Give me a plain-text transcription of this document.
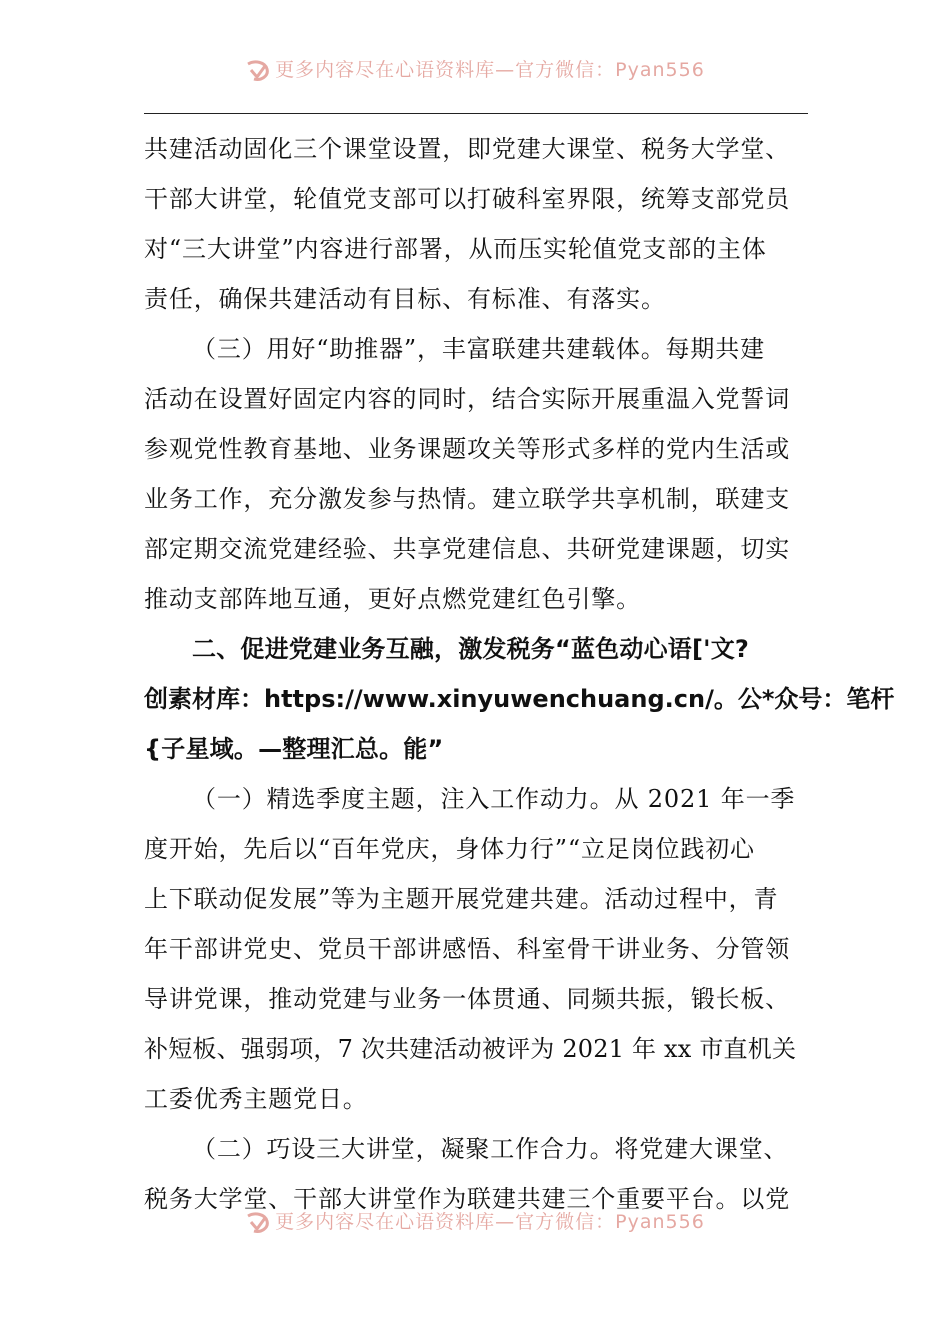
更多内容尽在心语资料库—官方微信：Pyan556
共建活动固化三个课堂设置，即党建大课堂、税务大学堂、
干部大讲堂，轮值党支部可以打破科室界限，统筹支部党员
对“三大讲堂”内容进行部署，从而压实轮值党支部的主体
责任，确保共建活动有目标、有标准、有落实。
（三）用好“助推器”，丰富联建共建载体。每期共建
活动在设置好固定内容的同时，结合实际开展重温入党誓词
参观党性教育基地、业务课题攻关等形式多样的党内生活或
业务工作，充分激发参与热情。建立联学共享机制，联建支
部定期交流党建经验、共享党建信息、共研党建课题，切实
推动支部阵地互通，更好点燃党建红色引擎。
二、促进党建业务互融，激发税务“蓝色动心语['文?
创素材库：https://www.xinyuwenchuang.cn/。公*众号：笔杆
{子星域。—整理汇总。能”
（一）精选季度主题，注入工作动力。从 2021 年一季
度开始，先后以“百年党庆，身体力行”“立足岗位践初心
上下联动促发展”等为主题开展党建共建。活动过程中，青
年干部讲党史、党员干部讲感悟、科室骨干讲业务、分管领
导讲党课，推动党建与业务一体贯通、同频共振，锻长板、
补短板、强弱项，7 次共建活动被评为 2021 年 xx 市直机关
工委优秀主题党日。
（二）巧设三大讲堂，凝聚工作合力。将党建大课堂、
税务大学堂、干部大讲堂作为联建共建三个重要平台。以党
更多内容尽在心语资料库—官方微信：Pyan556
